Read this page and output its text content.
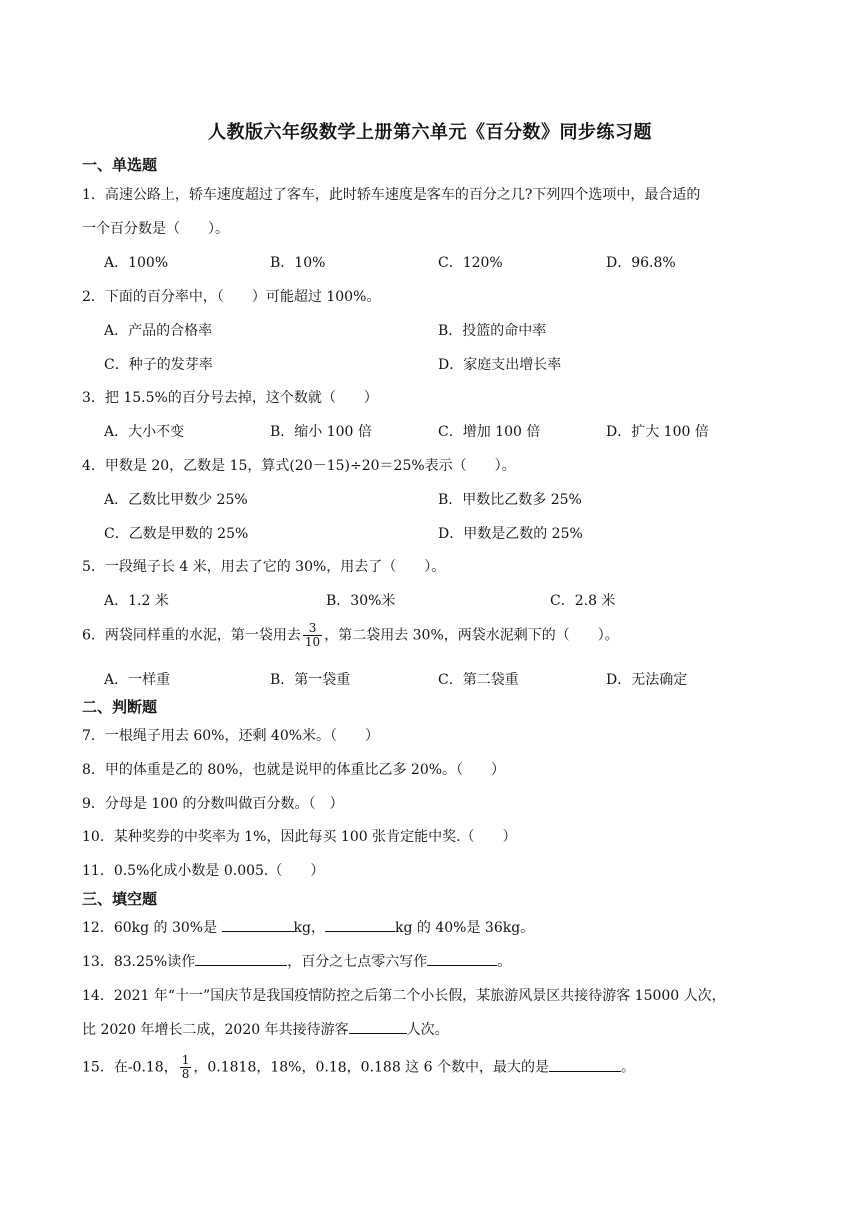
人教版六年级数学上册第六单元《百分数》同步练习题
一、单选题
1．高速公路上，轿车速度超过了客车，此时轿车速度是客车的百分之几?下列四个选项中，最合适的
一个百分数是（　　）。
A．100%	B．10%	C．120%	D．96.8%
2．下面的百分率中，（　　）可能超过 100%。
A．产品的合格率	B．投篮的命中率
C．种子的发芽率	D．家庭支出增长率
3．把 15.5%的百分号去掉，这个数就（　　）
A．大小不变	B．缩小 100 倍	C．增加 100 倍	D．扩大 100 倍
4．甲数是 20，乙数是 15，算式(20－15)÷20＝25%表示（　　）。
A．乙数比甲数少 25%	B．甲数比乙数多 25%
C．乙数是甲数的 25%	D．甲数是乙数的 25%
5．一段绳子长 4 米，用去了它的 30%，用去了（　　）。
A．1.2 米	B．30%米	C．2.8 米
6．两袋同样重的水泥，第一袋用去 $\frac{3}{10}$ ，第二袋用去 30%，两袋水泥剩下的（　　）。
A．一样重	B．第一袋重	C．第二袋重	D．无法确定
二、判断题
7．一根绳子用去 60%，还剩 40%米。（　　）
8．甲的体重是乙的 80%，也就是说甲的体重比乙多 20%。（　　）
9．分母是 100 的分数叫做百分数。（　）
10．某种奖券的中奖率为 1%，因此每买 100 张肯定能中奖.（　　）
11．0.5%化成小数是 0.005.（　　）
三、填空题
12．60kg 的 30%是	kg，	kg 的 40%是 36kg。
13．83.25%读作	，百分之七点零六写作	。
14．2021 年“十一”国庆节是我国疫情防控之后第二个小长假，某旅游风景区共接待游客 15000 人次，
比 2020 年增长二成，2020 年共接待游客	人次。
15．在-0.18， $\frac{1}{8}$ ，0.1818，18%，0.18，0.188 这 6 个数中，最大的是	。
